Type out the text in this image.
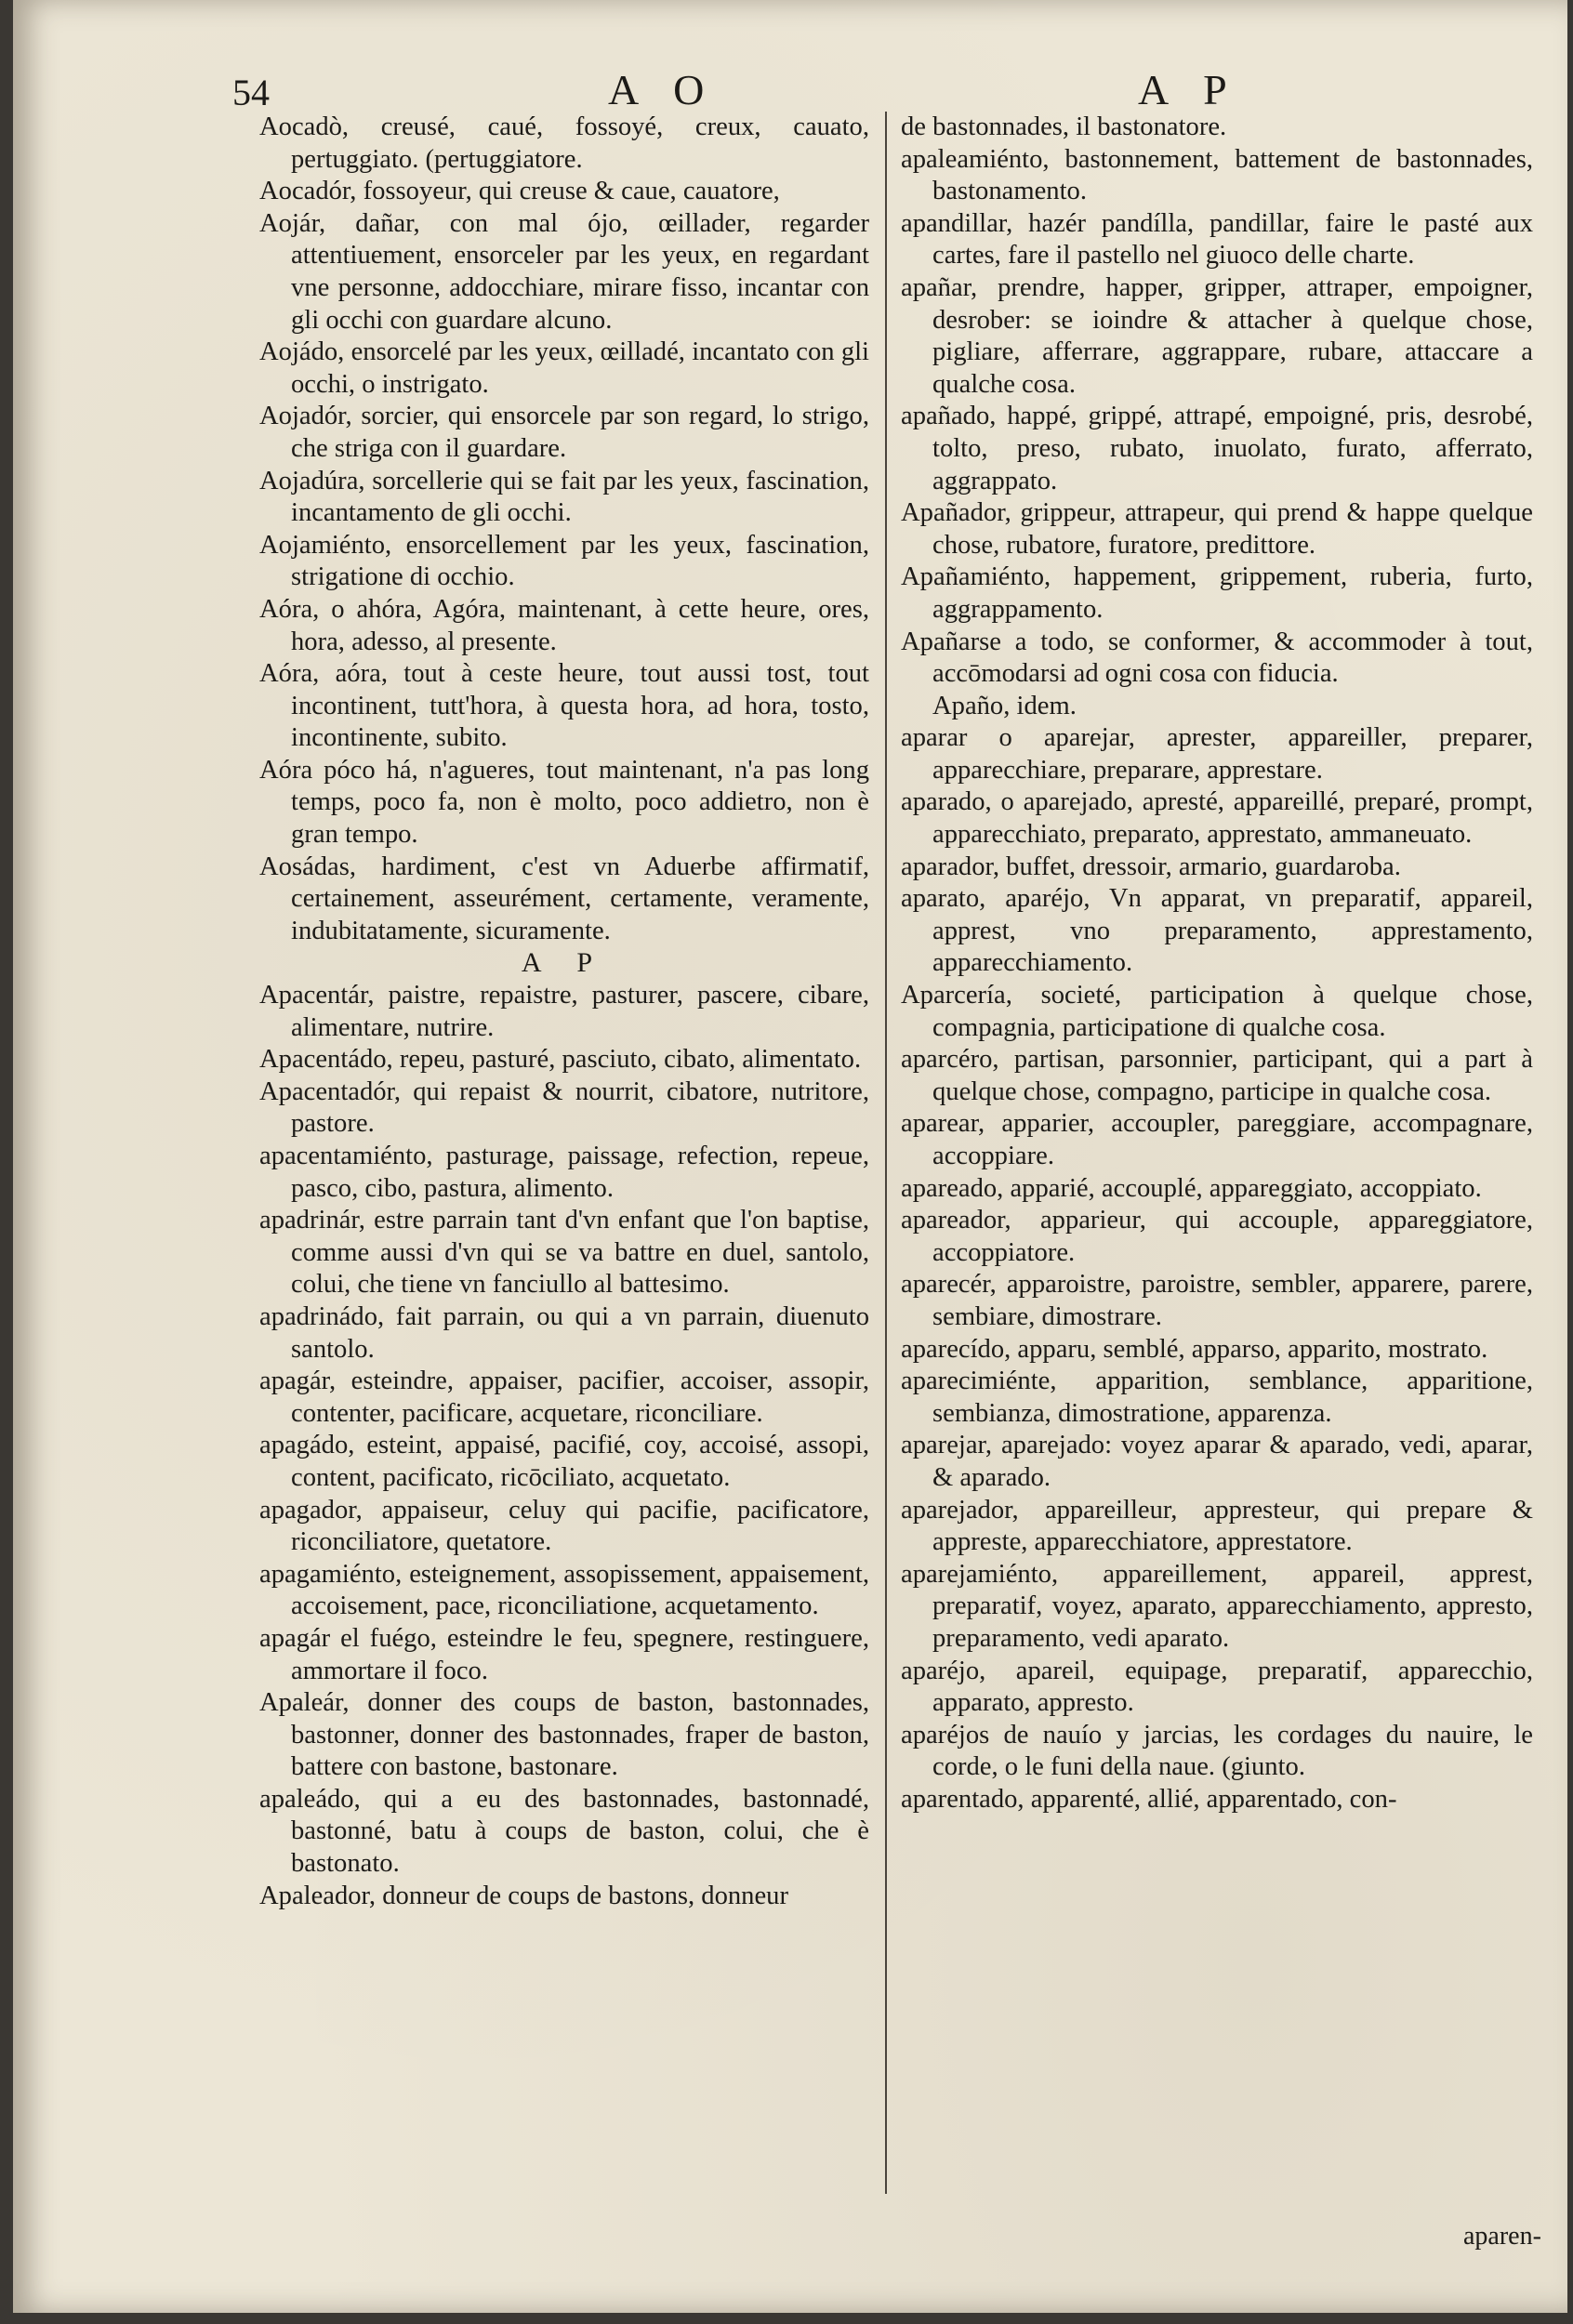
54	A O	A P
Aocadò, creusé, caué, fossoyé, creux, cauato, pertuggiato. (pertuggiatore.
Aocadór, fossoyeur, qui creuse & caue, cauatore,
Aojár, dañar, con mal ójo, œillader, regarder attentiuement, ensorceler par les yeux, en regardant vne personne, addocchiare, mirare fisso, incantar con gli occhi con guardare alcuno.
Aojádo, ensorcelé par les yeux, œilladé, incantato con gli occhi, o instrigato.
Aojadór, sorcier, qui ensorcele par son regard, lo strigo, che striga con il guardare.
Aojadúra, sorcellerie qui se fait par les yeux, fascination, incantamento de gli occhi.
Aojamiénto, ensorcellement par les yeux, fascination, strigatione di occhio.
Aóra, o ahóra, Agóra, maintenant, à cette heure, ores, hora, adesso, al presente.
Aóra, aóra, tout à ceste heure, tout aussi tost, tout incontinent, tutt'hora, à questa hora, ad hora, tosto, incontinente, subito.
Aóra póco há, n'agueres, tout maintenant, n'a pas long temps, poco fa, non è molto, poco addietro, non è gran tempo.
Aosádas, hardiment, c'est vn Aduerbe affirmatif, certainement, asseurément, certamente, veramente, indubitatamente, sicuramente.
A P
Apacentár, paistre, repaistre, pasturer, pascere, cibare, alimentare, nutrire.
Apacentádo, repeu, pasturé, pasciuto, cibato, alimentato.
Apacentadór, qui repaist & nourrit, cibatore, nutritore, pastore.
apacentamiénto, pasturage, paissage, refection, repeue, pasco, cibo, pastura, alimento.
apadrinár, estre parrain tant d'vn enfant que l'on baptise, comme aussi d'vn qui se va battre en duel, santolo, colui, che tiene vn fanciullo al battesimo.
apadrinádo, fait parrain, ou qui a vn parrain, diuenuto santolo.
apagár, esteindre, appaiser, pacifier, accoiser, assopir, contenter, pacificare, acquetare, riconciliare.
apagádo, esteint, appaisé, pacifié, coy, accoisé, assopi, content, pacificato, ricōciliato, acquetato.
apagador, appaiseur, celuy qui pacifie, pacificatore, riconciliatore, quetatore.
apagamiénto, esteignement, assopissement, appaisement, accoisement, pace, riconciliatione, acquetamento.
apagár el fuégo, esteindre le feu, spegnere, restinguere, ammortare il foco.
Apaleár, donner des coups de baston, bastonnades, bastonner, donner des bastonnades, fraper de baston, battere con bastone, bastonare.
apaleádo, qui a eu des bastonnades, bastonnadé, bastonné, batu à coups de baston, colui, che è bastonato.
Apaleador, donneur de coups de bastons, donneur
de bastonnades, il bastonatore.
apaleamiénto, bastonnement, battement de bastonnades, bastonamento.
apandillar, hazér pandílla, pandillar, faire le pasté aux cartes, fare il pastello nel giuoco delle charte.
apañar, prendre, happer, gripper, attraper, empoigner, desrober: se ioindre & attacher à quelque chose, pigliare, afferrare, aggrappare, rubare, attaccare a qualche cosa.
apañado, happé, grippé, attrapé, empoigné, pris, desrobé, tolto, preso, rubato, inuolato, furato, afferrato, aggrappato.
Apañador, grippeur, attrapeur, qui prend & happe quelque chose, rubatore, furatore, predittore.
Apañamiénto, happement, grippement, ruberia, furto, aggrappamento.
Apañarse a todo, se conformer, & accommoder à tout, accōmodarsi ad ogni cosa con fiducia.
Apaño, idem.
aparar o aparejar, aprester, appareiller, preparer, apparecchiare, preparare, apprestare.
aparado, o aparejado, apresté, appareillé, preparé, prompt, apparecchiato, preparato, apprestato, ammaneuato.
aparador, buffet, dressoir, armario, guardaroba.
aparato, aparéjo, Vn apparat, vn preparatif, appareil, apprest, vno preparamento, apprestamento, apparecchiamento.
Aparcería, societé, participation à quelque chose, compagnia, participatione di qualche cosa.
aparcéro, partisan, parsonnier, participant, qui a part à quelque chose, compagno, participe in qualche cosa.
aparear, apparier, accoupler, pareggiare, accompagnare, accoppiare.
apareado, apparié, accouplé, appareggiato, accoppiato.
apareador, apparieur, qui accouple, appareggiatore, accoppiatore.
aparecér, apparoistre, paroistre, sembler, apparere, parere, sembiare, dimostrare.
aparecído, apparu, semblé, apparso, apparito, mostrato.
aparecimiénte, apparition, semblance, apparitione, sembianza, dimostratione, apparenza.
aparejar, aparejado: voyez aparar & aparado, vedi, aparar, & aparado.
aparejador, appareilleur, appresteur, qui prepare & appreste, apparecchiatore, apprestatore.
aparejamiénto, appareillement, appareil, apprest, preparatif, voyez, aparato, apparecchiamento, appresto, preparamento, vedi aparato.
aparéjo, apareil, equipage, preparatif, apparecchio, apparato, appresto.
aparéjos de nauío y jarcias, les cordages du nauire, le corde, o le funi della naue. (giunto.
aparentado, apparenté, allié, apparentado, con-
aparen-
